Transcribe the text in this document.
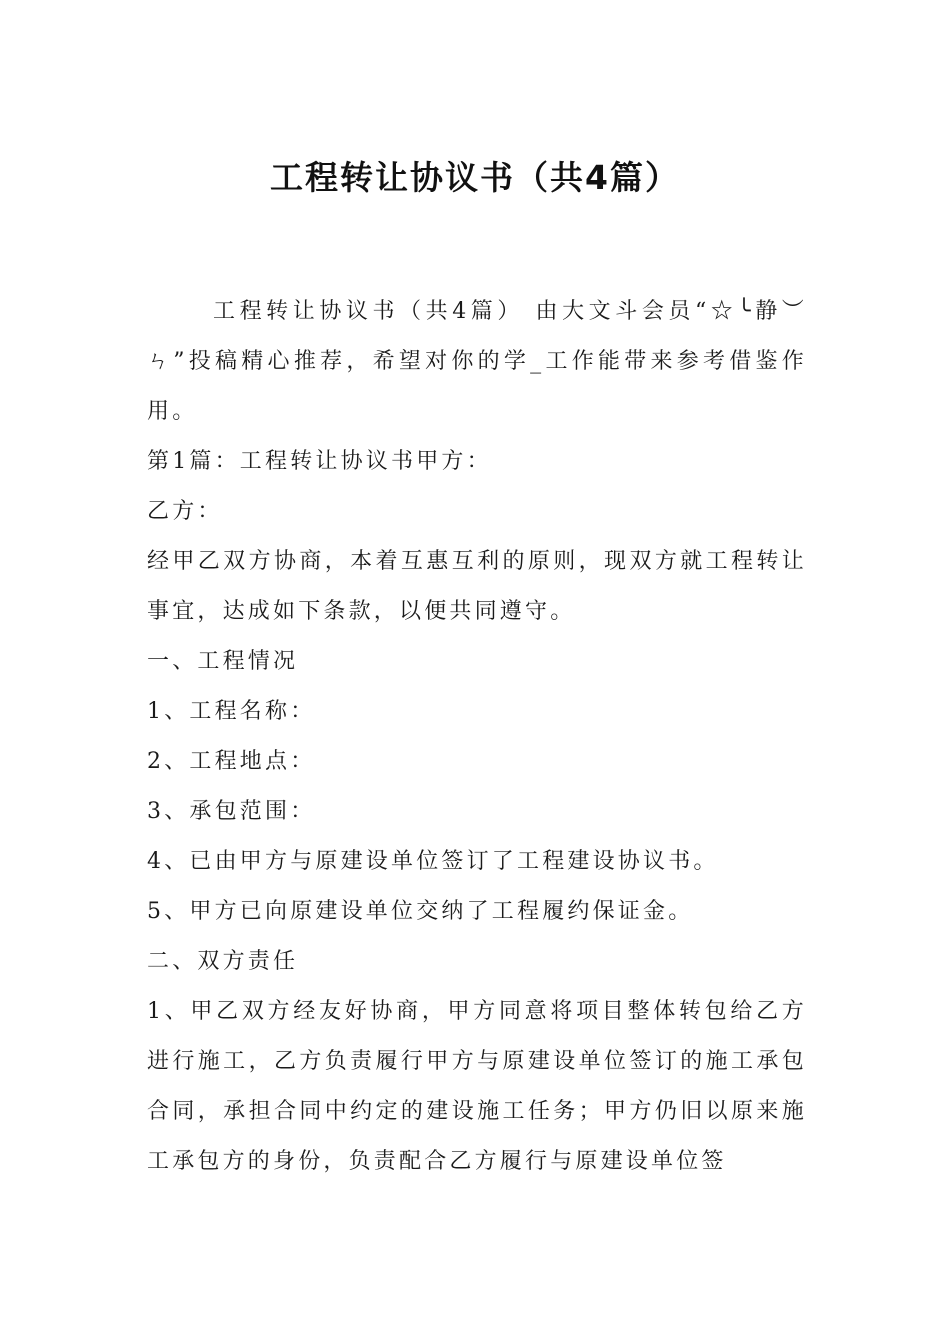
工程转让协议书（共4篇）

工程转让协议书（共4篇） 由大文斗会员“☆╰静︶ㄣ”投稿精心推荐，希望对你的学_工作能带来参考借鉴作用。

第1篇：工程转让协议书甲方：

乙方：

经甲乙双方协商，本着互惠互利的原则，现双方就工程转让事宜，达成如下条款，以便共同遵守。

一、工程情况

1、工程名称：

2、工程地点：

3、承包范围：

4、已由甲方与原建设单位签订了工程建设协议书。

5、甲方已向原建设单位交纳了工程履约保证金。

二、双方责任

1、甲乙双方经友好协商，甲方同意将项目整体转包给乙方进行施工，乙方负责履行甲方与原建设单位签订的施工承包合同，承担合同中约定的建设施工任务；甲方仍旧以原来施工承包方的身份，负责配合乙方履行与原建设单位签
